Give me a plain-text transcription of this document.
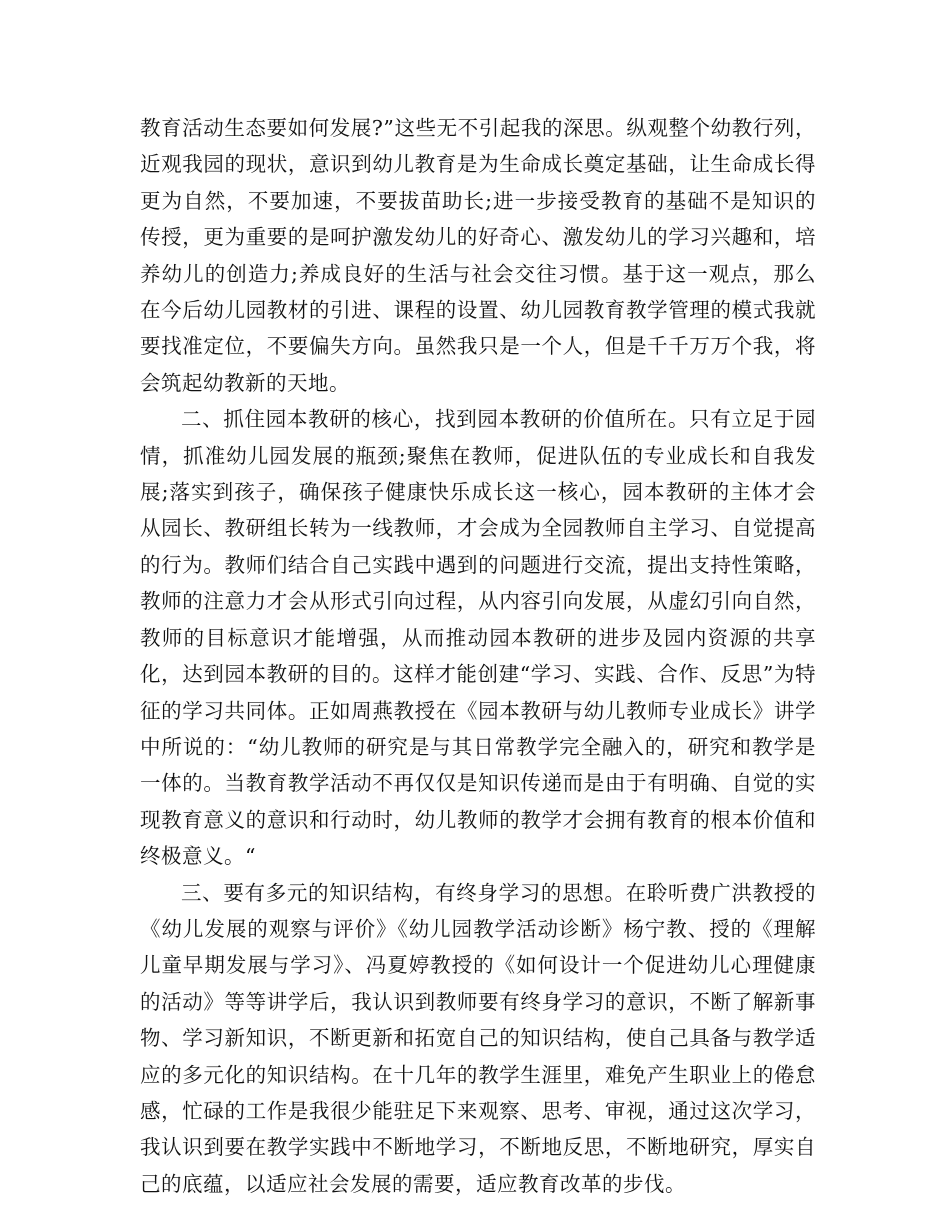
教育活动生态要如何发展?”这些无不引起我的深思。纵观整个幼教行列，近观我园的现状，意识到幼儿教育是为生命成长奠定基础，让生命成长得更为自然，不要加速，不要拔苗助长;进一步接受教育的基础不是知识的传授，更为重要的是呵护激发幼儿的好奇心、激发幼儿的学习兴趣和，培养幼儿的创造力;养成良好的生活与社会交往习惯。基于这一观点，那么在今后幼儿园教材的引进、课程的设置、幼儿园教育教学管理的模式我就要找准定位，不要偏失方向。虽然我只是一个人，但是千千万万个我，将会筑起幼教新的天地。

二、抓住园本教研的核心，找到园本教研的价值所在。只有立足于园情，抓准幼儿园发展的瓶颈;聚焦在教师，促进队伍的专业成长和自我发展;落实到孩子，确保孩子健康快乐成长这一核心，园本教研的主体才会从园长、教研组长转为一线教师，才会成为全园教师自主学习、自觉提高的行为。教师们结合自己实践中遇到的问题进行交流，提出支持性策略，教师的注意力才会从形式引向过程，从内容引向发展，从虚幻引向自然，教师的目标意识才能增强，从而推动园本教研的进步及园内资源的共享化，达到园本教研的目的。这样才能创建“学习、实践、合作、反思”为特征的学习共同体。正如周燕教授在《园本教研与幼儿教师专业成长》讲学中所说的：“幼儿教师的研究是与其日常教学完全融入的，研究和教学是一体的。当教育教学活动不再仅仅是知识传递而是由于有明确、自觉的实现教育意义的意识和行动时，幼儿教师的教学才会拥有教育的根本价值和终极意义。“

三、要有多元的知识结构，有终身学习的思想。在聆听费广洪教授的《幼儿发展的观察与评价》《幼儿园教学活动诊断》杨宁教、授的《理解儿童早期发展与学习》、冯夏婷教授的《如何设计一个促进幼儿心理健康的活动》等等讲学后，我认识到教师要有终身学习的意识，不断了解新事物、学习新知识，不断更新和拓宽自己的知识结构，使自己具备与教学适应的多元化的知识结构。在十几年的教学生涯里，难免产生职业上的倦怠感，忙碌的工作是我很少能驻足下来观察、思考、审视，通过这次学习，我认识到要在教学实践中不断地学习，不断地反思，不断地研究，厚实自己的底蕴，以适应社会发展的需要，适应教育改革的步伐。
